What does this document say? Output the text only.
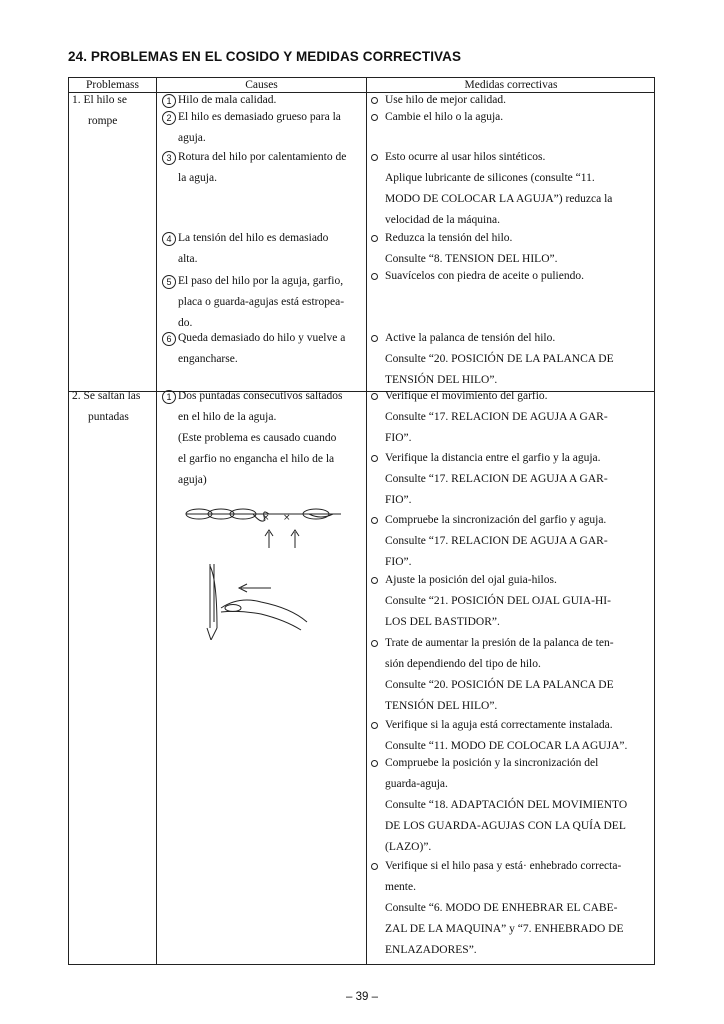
24. PROBLEMAS EN EL COSIDO Y MEDIDAS CORRECTIVAS
Problemass	Causes	Medidas correctivas
1. El hilo se
rompe
2. Se saltan las
puntadas
1 Hilo de mala calidad.
2 El hilo es demasiado grueso para la
aguja.
3 Rotura del hilo por calentamiento de
la aguja.
4 La tensión del hilo es demasiado
alta.
5 El paso del hilo por la aguja, garfio,
placa o guarda-agujas está estropea-
do.
6 Queda demasiado do hilo y vuelve a
engancharse.
1 Dos puntadas consecutivos saltados
en el hilo de la aguja.
(Este problema es causado cuando
el garfio no engancha el hilo de la
aguja)
Use hilo de mejor calidad.
Cambie el hilo o la aguja.
Esto ocurre al usar hilos sintéticos.
Aplique lubricante de silicones (consulte “11.
MODO DE COLOCAR LA AGUJA”) reduzca la
velocidad de la máquina.
Reduzca la tensión del hilo.
Consulte “8. TENSION DEL HILO”.
Suavícelos con piedra de aceite o puliendo.
Active la palanca de tensión del hilo.
Consulte “20. POSICIÓN DE LA PALANCA DE
TENSIÓN DEL HILO”.
Verifique el movimiento del garfio.
Consulte “17. RELACION DE AGUJA A GAR-
FIO”.
Verifique la distancia entre el garfio y la aguja.
Consulte “17. RELACION DE AGUJA A GAR-
FIO”.
Compruebe la sincronización del garfio y aguja.
Consulte “17. RELACION DE AGUJA A GAR-
FIO”.
Ajuste la posición del ojal guia-hilos.
Consulte “21. POSICIÓN DEL OJAL GUIA-HI-
LOS DEL BASTIDOR”.
Trate de aumentar la presión de la palanca de ten-
sión dependiendo del tipo de hilo.
Consulte “20. POSICIÓN DE LA PALANCA DE
TENSIÓN DEL HILO”.
Verifique si la aguja está correctamente instalada.
Consulte “11. MODO DE COLOCAR LA AGUJA”.
Compruebe la posición y la sincronización del
guarda-aguja.
Consulte “18. ADAPTACIÓN DEL MOVIMIENTO
DE LOS GUARDA-AGUJAS CON LA QUÍA DEL
(LAZO)”.
Verifique si el hilo pasa y está· enhebrado correcta-
mente.
Consulte “6. MODO DE ENHEBRAR EL CABE-
ZAL DE LA MAQUINA” y “7. ENHEBRADO DE
ENLAZADORES”.
× ×
– 39 –
